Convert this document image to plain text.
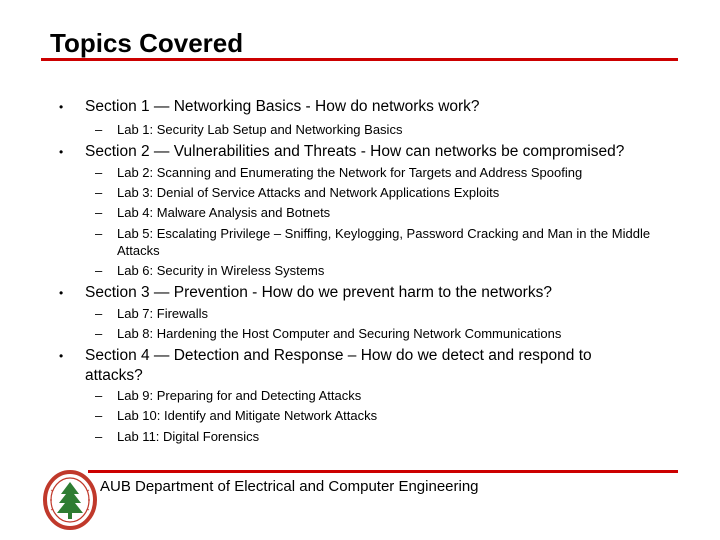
Topics Covered
• Section 1 — Networking Basics - How do networks work?
– Lab 1: Security Lab Setup and Networking Basics
• Section 2 — Vulnerabilities and Threats - How can networks be compromised?
– Lab 2: Scanning and Enumerating the Network for Targets and Address Spoofing
– Lab 3: Denial of Service Attacks and Network Applications Exploits
– Lab 4: Malware Analysis and Botnets
– Lab 5: Escalating Privilege – Sniffing, Keylogging, Password Cracking and Man in the Middle Attacks
– Lab 6: Security in Wireless Systems
• Section 3 — Prevention - How do we prevent harm to the networks?
– Lab 7: Firewalls
– Lab 8: Hardening the Host Computer and Securing Network Communications
• Section 4 — Detection and Response – How do we detect and respond to attacks?
– Lab 9: Preparing for and Detecting Attacks
– Lab 10: Identify and Mitigate Network Attacks
– Lab 11: Digital Forensics
AUB Department of Electrical and Computer Engineering
